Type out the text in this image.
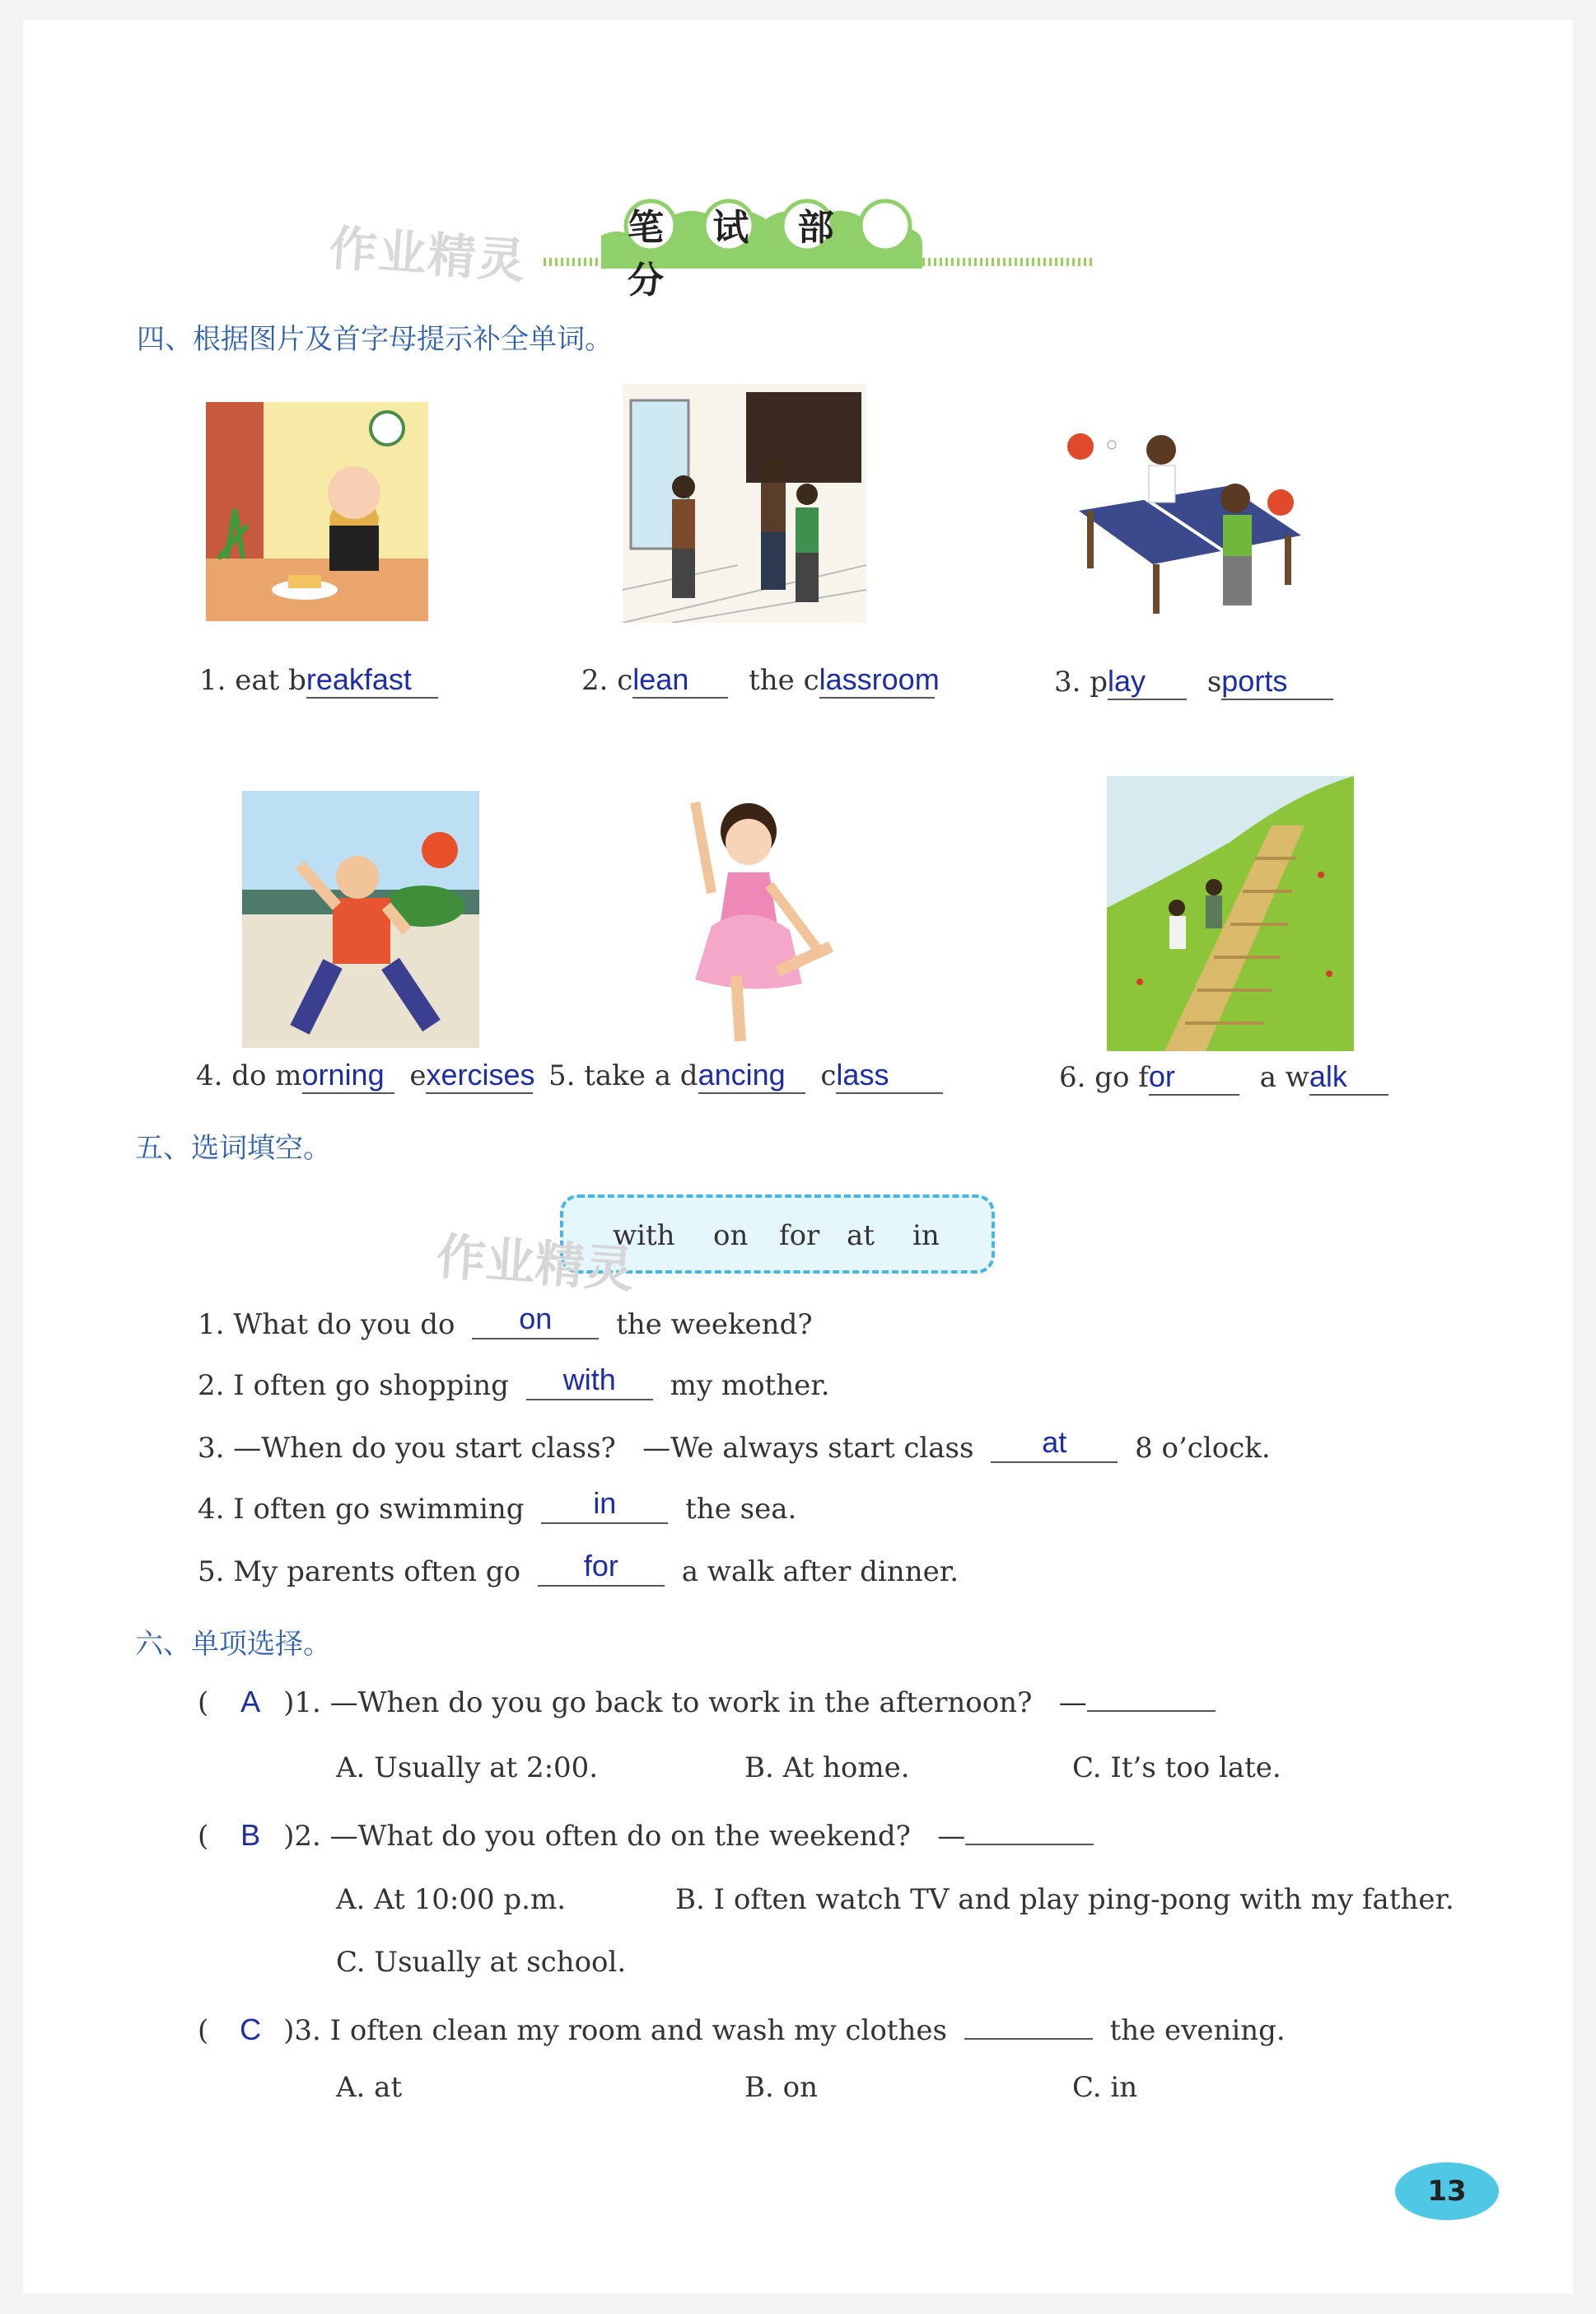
笔 试 部 分
作业精灵
四、根据图片及首字母提示补全单词。
1. eat breakfast	2. clean the classroom	3. play sports
4. do morning exercises 5. take a dancing class	6. go for	a walk
五、选词填空。
with on for at in
作业精灵
1. What do you do on the weekend?
2. I often go shopping with my mother.
3. —When do you start class?   —We always start class at 8 o’clock.
4. I often go swimming in the sea.
5. My parents often go for a walk after dinner.
六、单项选择。
( A )1. —When do you go back to work in the afternoon?   —
A. Usually at 2:00.	B. At home.	C. It’s too late.
( B )2. —What do you often do on the weekend?   —
A. At 10:00 p.m.	B. I often watch TV and play ping-pong with my father.
C. Usually at school.
( C )3. I often clean my room and wash my clothes	the evening.
A. at	B. on	C. in
13
